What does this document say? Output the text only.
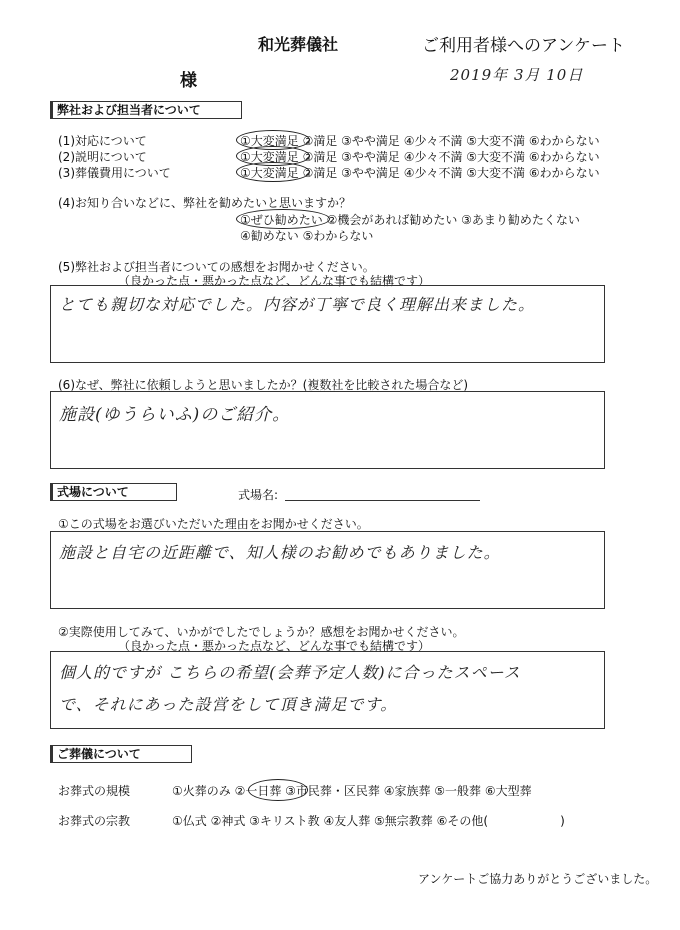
和光葬儀社	ご利用者様へのアンケート
様	2019年 3月 10日
弊社および担当者について
(1)対応について	①大変満足 ②満足 ③やや満足 ④少々不満 ⑤大変不満 ⑥わからない
(2)説明について	①大変満足 ②満足 ③やや満足 ④少々不満 ⑤大変不満 ⑥わからない
(3)葬儀費用について	①大変満足 ②満足 ③やや満足 ④少々不満 ⑤大変不満 ⑥わからない
(4)お知り合いなどに、弊社を勧めたいと思いますか？
①ぜひ勧めたい ②機会があれば勧めたい ③あまり勧めたくない
④勧めない ⑤わからない
(5)弊社および担当者についての感想をお聞かせください。
（良かった点・悪かった点など、どんな事でも結構です）
とても親切な対応でした。内容が丁寧で良く理解出来ました。
(6)なぜ、弊社に依頼しようと思いましたか？(複数社を比較された場合など)
施設(ゆうらいふ)のご紹介。
式場について	式場名:
①この式場をお選びいただいた理由をお聞かせください。
施設と自宅の近距離で、知人様のお勧めでもありました。
②実際使用してみて、いかがでしたでしょうか？感想をお聞かせください。
（良かった点・悪かった点など、どんな事でも結構です）
個人的ですが こちらの希望(会葬予定人数)に合ったスペース
で、それにあった設営をして頂き満足です。
ご葬儀について
お葬式の規模	①火葬のみ ②一日葬 ③市民葬・区民葬 ④家族葬 ⑤一般葬 ⑥大型葬
お葬式の宗教	①仏式 ②神式 ③キリスト教 ④友人葬 ⑤無宗教葬 ⑥その他(　　　　　　)
アンケートご協力ありがとうございました。
